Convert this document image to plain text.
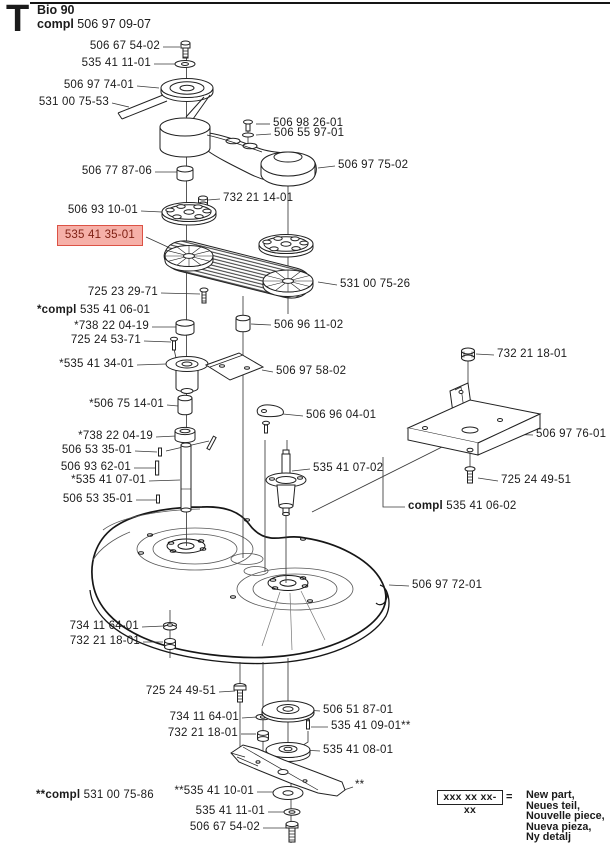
T Bio 90
compl 506 97 09-07
506 67 54-02
535 41 11-01
506 97 74-01
531 00 75-53
506 98 26-01
506 55 97-01
506 97 75-02
506 77 87-06
732 21 14-01
506 93 10-01
535 41 35-01
531 00 75-26
725 23 29-71
*compl 535 41 06-01
*738 22 04-19	506 96 11-02
725 24 53-71
*535 41 34-01
506 97 58-02
732 21 18-01
*506 75 14-01
506 96 04-01
*738 22 04-19
506 53 35-01
506 93 62-01	535 41 07-02
*535 41 07-01
506 97 76-01
506 53 35-01
725 24 49-51
compl 535 41 06-02
506 97 72-01
734 11 64-01
732 21 18-01
725 24 49-51
506 51 87-01
734 11 64-01
535 41 09-01**
732 21 18-01
535 41 08-01
**compl 531 00 75-86 **535 41 10-01	**
535 41 11-01
506 67 54-02
xxx xx xx-xx
= New part,
Neues teil,
Nouvelle piece,
Nueva pieza,
Ny detalj
